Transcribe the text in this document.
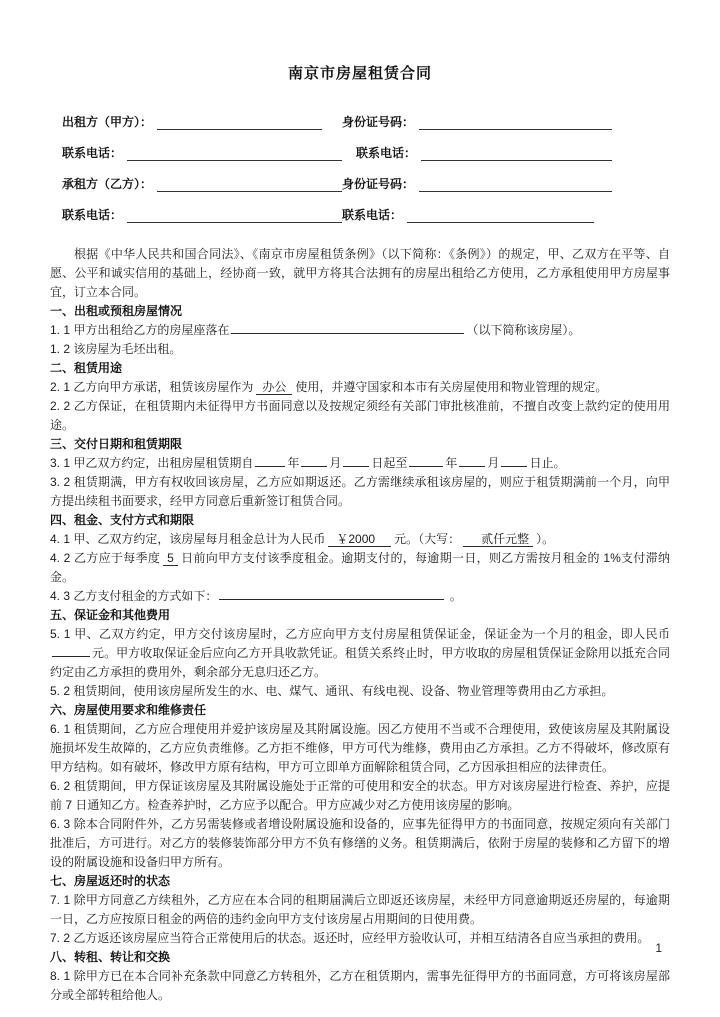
南京市房屋租赁合同
出租方（甲方）：	身份证号码：
联系电话：	联系电话：
承租方（乙方）：	身份证号码：
联系电话：	联系电话：

根据《中华人民共和国合同法》、《南京市房屋租赁条例》（以下简称：《条例》）的规定，甲、乙双方在平等、自愿、公平和诚实信用的基础上，经协商一致，就甲方将其合法拥有的房屋出租给乙方使用，乙方承租使用甲方房屋事宜，订立本合同。

一、出租或预租房屋情况

1. 1 甲方出租给乙方的房屋座落在	（以下简称该房屋）。

1. 2 该房屋为毛坯出租。

二、租赁用途

2. 1 乙方向甲方承诺，租赁该房屋作为 办公 使用，并遵守国家和本市有关房屋使用和物业管理的规定。

2. 2 乙方保证，在租赁期内未征得甲方书面同意以及按规定须经有关部门审批核准前，不擅自改变上款约定的使用用途。

三、交付日期和租赁期限

3. 1 甲乙双方约定，出租房屋租赁期自	年	月	日起至	年	月	日止。

3. 2 租赁期满，甲方有权收回该房屋，乙方应如期返还。乙方需继续承租该房屋的，则应于租赁期满前一个月，向甲方提出续租书面要求，经甲方同意后重新签订租赁合同。

四、租金、支付方式和期限

4. 1 甲、乙双方约定，该房屋每月租金总计为人民币 ￥2000 元。（大写： 贰仟元整 ）。

4. 2 乙方应于每季度 5 日前向甲方支付该季度租金。逾期支付的，每逾期一日，则乙方需按月租金的 1%支付滞纳金。

4. 3 乙方支付租金的方式如下：	。

五、保证金和其他费用

5. 1 甲、乙双方约定，甲方交付该房屋时，乙方应向甲方支付房屋租赁保证金，保证金为一个月的租金，即人民币元。甲方收取保证金后应向乙方开具收款凭证。租赁关系终止时，甲方收取的房屋租赁保证金除用以抵充合同约定由乙方承担的费用外，剩余部分无息归还乙方。

5. 2 租赁期间，使用该房屋所发生的水、电、煤气、通讯、有线电视、设备、物业管理等费用由乙方承担。

六、房屋使用要求和维修责任

6. 1 租赁期间，乙方应合理使用并爱护该房屋及其附属设施。因乙方使用不当或不合理使用，致使该房屋及其附属设施损坏发生故障的，乙方应负责维修。乙方拒不维修，甲方可代为维修，费用由乙方承担。乙方不得破坏，修改原有甲方结构。如有破坏，修改甲方原有结构，甲方可立即单方面解除租赁合同，乙方因承担相应的法律责任。

6. 2 租赁期间，甲方保证该房屋及其附属设施处于正常的可使用和安全的状态。甲方对该房屋进行检查、养护，应提前 7 日通知乙方。检查养护时，乙方应予以配合。甲方应减少对乙方使用该房屋的影响。

6. 3 除本合同附件外，乙方另需装修或者增设附属设施和设备的，应事先征得甲方的书面同意，按规定须向有关部门批准后，方可进行。对乙方的装修装饰部分甲方不负有修缮的义务。租赁期满后，依附于房屋的装修和乙方留下的增设的附属设施和设备归甲方所有。

七、房屋返还时的状态

7. 1 除甲方同意乙方续租外，乙方应在本合同的租期届满后立即返还该房屋，未经甲方同意逾期返还房屋的，每逾期一日，乙方应按原日租金的两倍的违约金向甲方支付该房屋占用期间的日使用费。

7. 2 乙方返还该房屋应当符合正常使用后的状态。返还时，应经甲方验收认可，并相互结清各自应当承担的费用。

八、转租、转让和交换

8. 1 除甲方已在本合同补充条款中同意乙方转租外，乙方在租赁期内，需事先征得甲方的书面同意，方可将该房屋部分或全部转租给他人。

1
